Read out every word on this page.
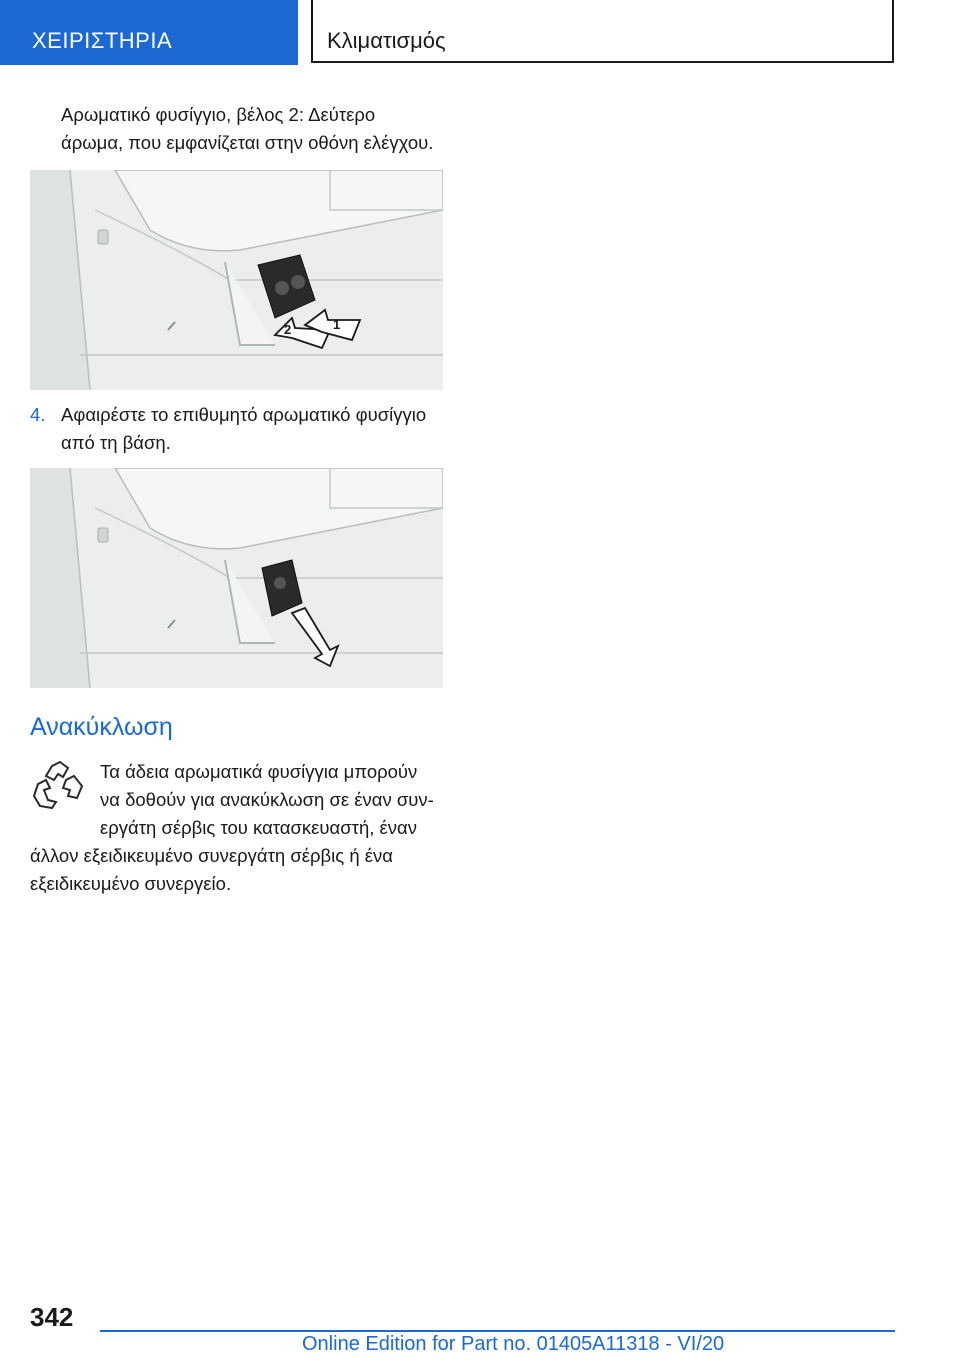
ΧΕΙΡΙΣΤΗΡΙΑ	Κλιματισμός
Αρωματικό φυσίγγιο, βέλος 2: Δεύτερο
άρωμα, που εμφανίζεται στην οθόνη ελέγχου.
2	1
4. Αφαιρέστε το επιθυμητό αρωματικό φυσίγγιο
από τη βάση.
Ανακύκλωση
Τα άδεια αρωματικά φυσίγγια μπορούν
να δοθούν για ανακύκλωση σε έναν συν-
εργάτη σέρβις του κατασκευαστή, έναν
άλλον εξειδικευμένο συνεργάτη σέρβις ή ένα
εξειδικευμένο συνεργείο.
342
Online Edition for Part no. 01405A11318 - VI/20
